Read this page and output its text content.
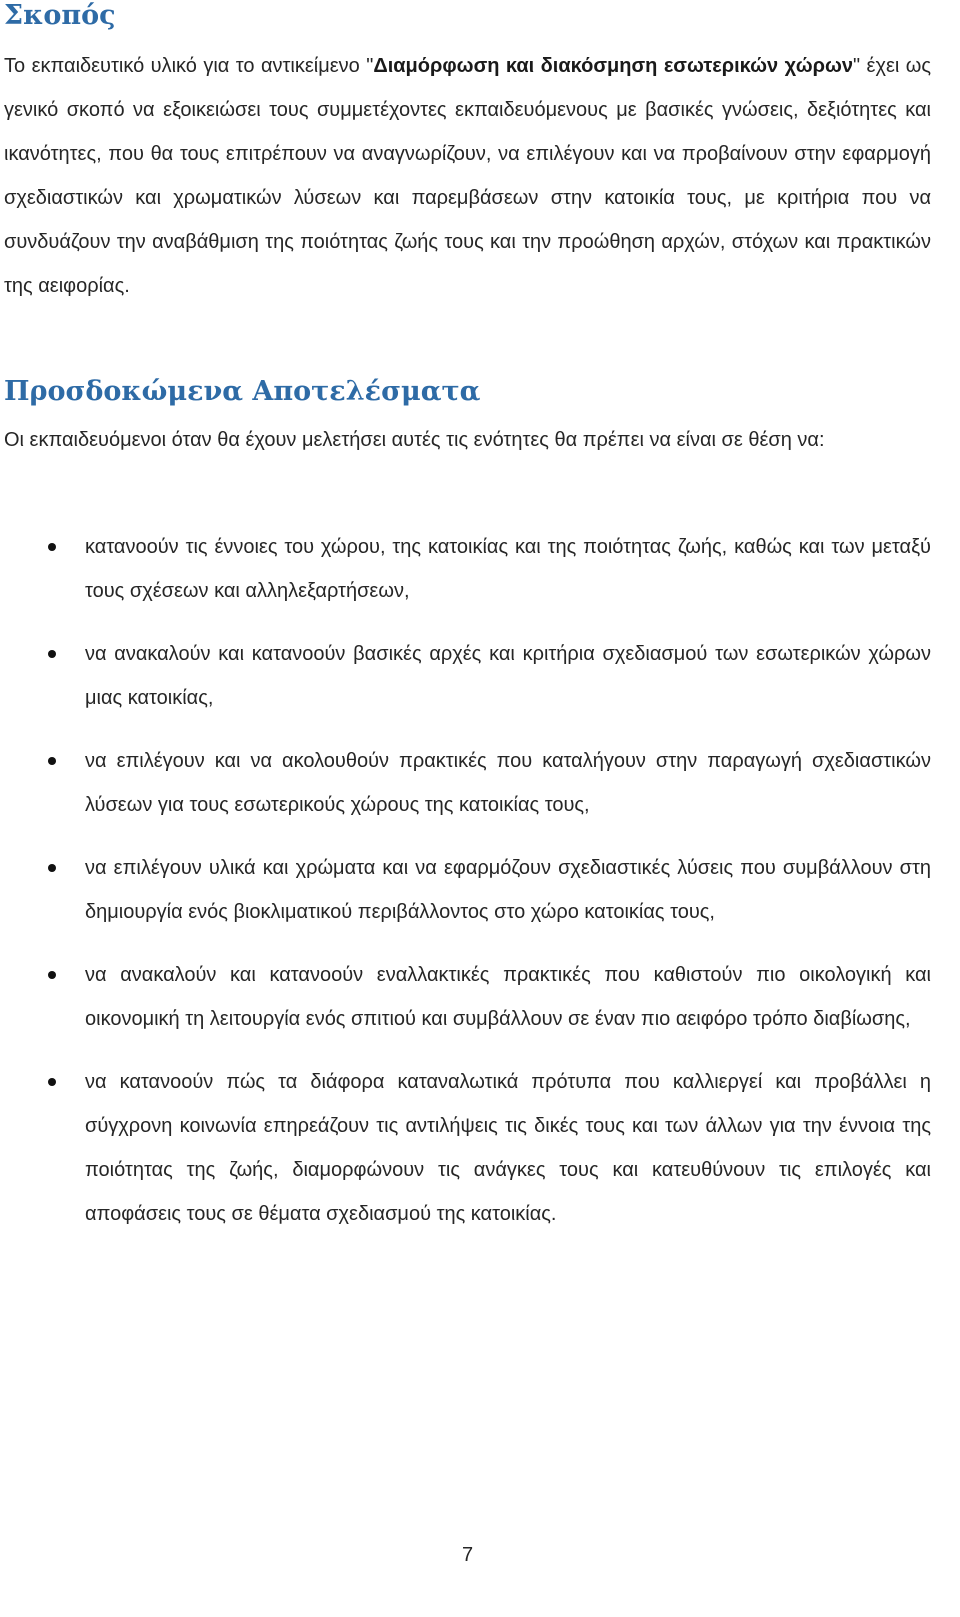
Σκοπός

Το εκπαιδευτικό υλικό για το αντικείμενο "Διαμόρφωση και διακόσμηση εσωτερικών χώρων" έχει ως γενικό σκοπό να εξοικειώσει τους συμμετέχοντες εκπαιδευόμενους με βασικές γνώσεις, δεξιότητες και ικανότητες, που θα τους επιτρέπουν να αναγνωρίζουν, να επιλέγουν και να προβαίνουν στην εφαρμογή σχεδιαστικών και χρωματικών λύσεων και παρεμβάσεων στην κατοικία τους, με κριτήρια που να συνδυάζουν την αναβάθμιση της ποιότητας ζωής τους και την προώθηση αρχών, στόχων και πρακτικών της αειφορίας.

Προσδοκώμενα Αποτελέσματα

Οι εκπαιδευόμενοι όταν θα έχουν μελετήσει αυτές τις ενότητες θα πρέπει να είναι σε θέση να:

κατανοούν τις έννοιες του χώρου, της κατοικίας και της ποιότητας ζωής, καθώς και των μεταξύ τους σχέσεων και αλληλεξαρτήσεων,
να ανακαλούν και κατανοούν βασικές αρχές και κριτήρια σχεδιασμού των εσωτερικών χώρων μιας κατοικίας,
να επιλέγουν και να ακολουθούν πρακτικές που καταλήγουν στην παραγωγή σχεδιαστικών λύσεων για τους εσωτερικούς χώρους της κατοικίας τους,
να επιλέγουν υλικά και χρώματα και να εφαρμόζουν σχεδιαστικές λύσεις που συμβάλλουν στη δημιουργία ενός βιοκλιματικού περιβάλλοντος στο χώρο κατοικίας τους,
να ανακαλούν και κατανοούν εναλλακτικές πρακτικές που καθιστούν πιο οικολογική και οικονομική τη λειτουργία ενός σπιτιού και συμβάλλουν σε έναν πιο αειφόρο τρόπο διαβίωσης,
να κατανοούν πώς τα διάφορα καταναλωτικά πρότυπα που καλλιεργεί και προβάλλει η σύγχρονη κοινωνία επηρεάζουν τις αντιλήψεις τις δικές τους και των άλλων για την έννοια της ποιότητας της ζωής, διαμορφώνουν τις ανάγκες τους και κατευθύνουν τις επιλογές και αποφάσεις τους σε θέματα σχεδιασμού της κατοικίας.
7
